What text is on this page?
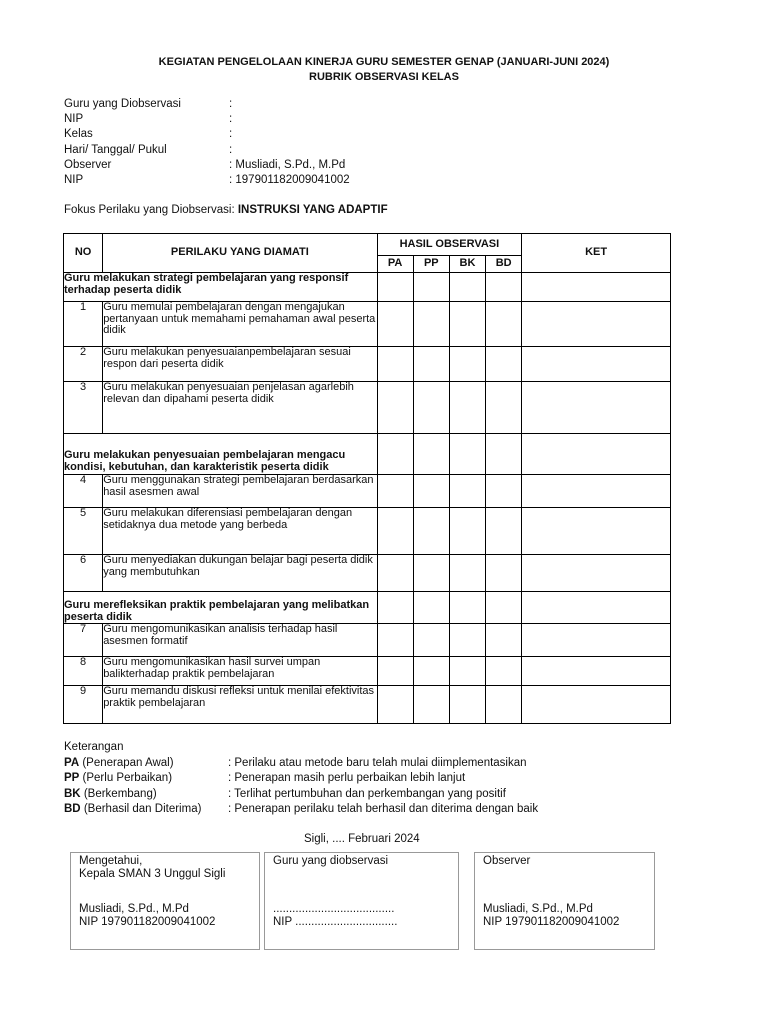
KEGIATAN PENGELOLAAN KINERJA GURU SEMESTER GENAP (JANUARI-JUNI 2024)
RUBRIK OBSERVASI KELAS
Guru yang Diobservasi	:
NIP	:
Kelas	:
Hari/ Tanggal/ Pukul	:
Observer	: Musliadi, S.Pd., M.Pd
NIP	: 197901182009041002
Fokus Perilaku yang Diobservasi: INSTRUKSI YANG ADAPTIF
NO	PERILAKU YANG DIAMATI	HASIL OBSERVASI				KET
		PA	PP	BK	BD	
Guru melakukan strategi pembelajaran yang responsif terhadap peserta didik						
1	Guru memulai pembelajaran dengan mengajukan pertanyaan untuk memahami pemahaman awal peserta didik					
2	Guru melakukan penyesuaianpembelajaran sesuai respon dari peserta didik					
3	Guru melakukan penyesuaian penjelasan agarlebih relevan dan dipahami peserta didik					
Guru melakukan penyesuaian pembelajaran mengacu kondisi, kebutuhan, dan karakteristik peserta didik						
4	Guru menggunakan strategi pembelajaran berdasarkan hasil asesmen awal					
5	Guru melakukan diferensiasi pembelajaran dengan setidaknya dua metode yang berbeda					
6	Guru menyediakan dukungan belajar bagi peserta didik yang membutuhkan					
Guru merefleksikan praktik pembelajaran yang melibatkan peserta didik						
7	Guru mengomunikasikan analisis terhadap hasil asesmen formatif					
8	Guru mengomunikasikan hasil survei umpan balikterhadap praktik pembelajaran					
9	Guru memandu diskusi refleksi untuk menilai efektivitas praktik pembelajaran					
Keterangan
PA (Penerapan Awal)	: Perilaku atau metode baru telah mulai diimplementasikan
PP (Perlu Perbaikan)	: Penerapan masih perlu perbaikan lebih lanjut
BK (Berkembang)	: Terlihat pertumbuhan dan perkembangan yang positif
BD (Berhasil dan Diterima)	: Penerapan perilaku telah berhasil dan diterima dengan baik
Sigli, .... Februari 2024
Mengetahui,
Kepala SMAN 3 Unggul Sigli
Musliadi, S.Pd., M.Pd
NIP 197901182009041002
Guru yang diobservasi
......................................
NIP ................................
Observer
Musliadi, S.Pd., M.Pd
NIP 197901182009041002
